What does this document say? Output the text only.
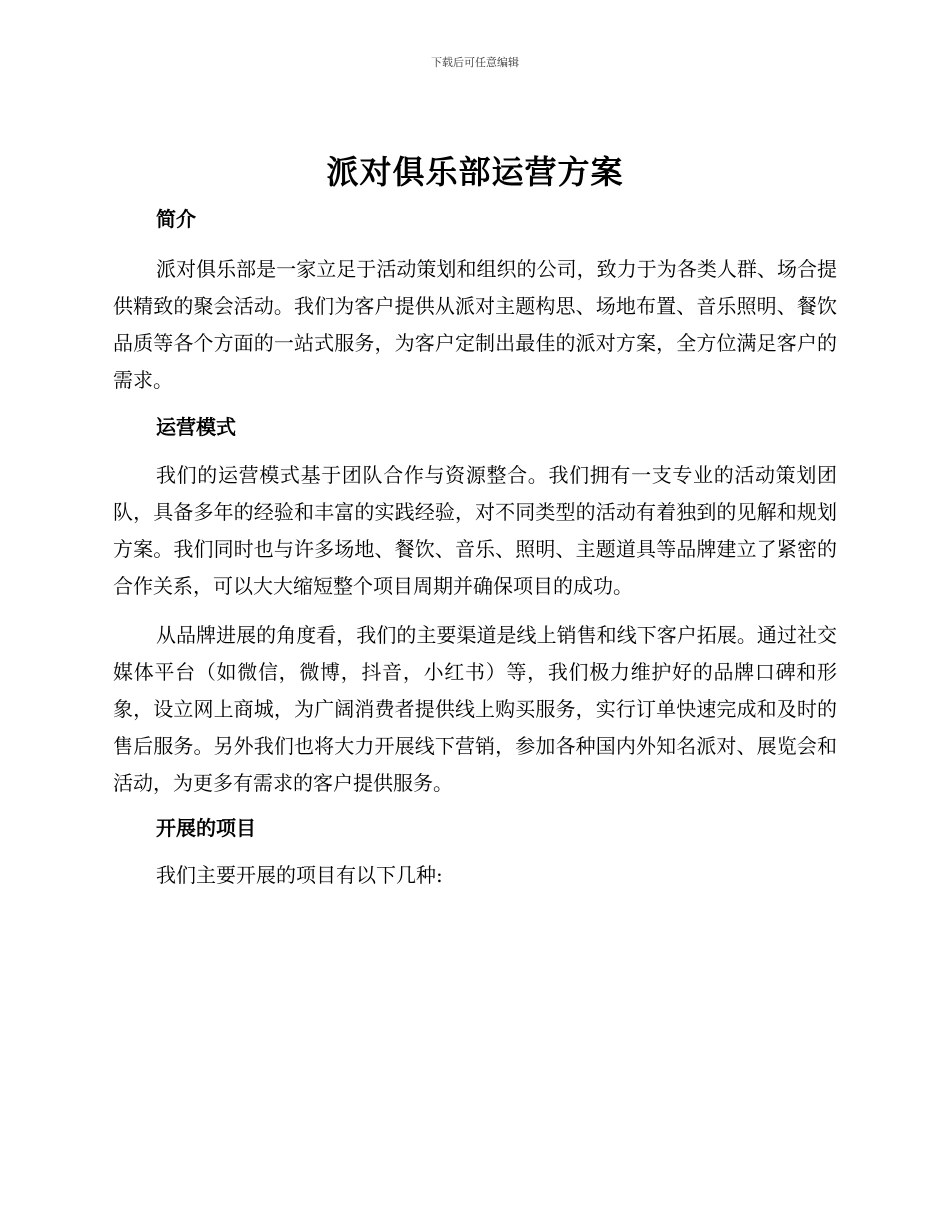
下载后可任意编辑
派对俱乐部运营方案
简介

派对俱乐部是一家立足于活动策划和组织的公司，致力于为各类人群、场合提供精致的聚会活动。我们为客户提供从派对主题构思、场地布置、音乐照明、餐饮品质等各个方面的一站式服务，为客户定制出最佳的派对方案，全方位满足客户的需求。

运营模式

我们的运营模式基于团队合作与资源整合。我们拥有一支专业的活动策划团队，具备多年的经验和丰富的实践经验，对不同类型的活动有着独到的见解和规划方案。我们同时也与许多场地、餐饮、音乐、照明、主题道具等品牌建立了紧密的合作关系，可以大大缩短整个项目周期并确保项目的成功。

从品牌进展的角度看，我们的主要渠道是线上销售和线下客户拓展。通过社交媒体平台（如微信，微博，抖音，小红书）等，我们极力维护好的品牌口碑和形象，设立网上商城，为广阔消费者提供线上购买服务，实行订单快速完成和及时的售后服务。另外我们也将大力开展线下营销，参加各种国内外知名派对、展览会和活动，为更多有需求的客户提供服务。

开展的项目

我们主要开展的项目有以下几种:
